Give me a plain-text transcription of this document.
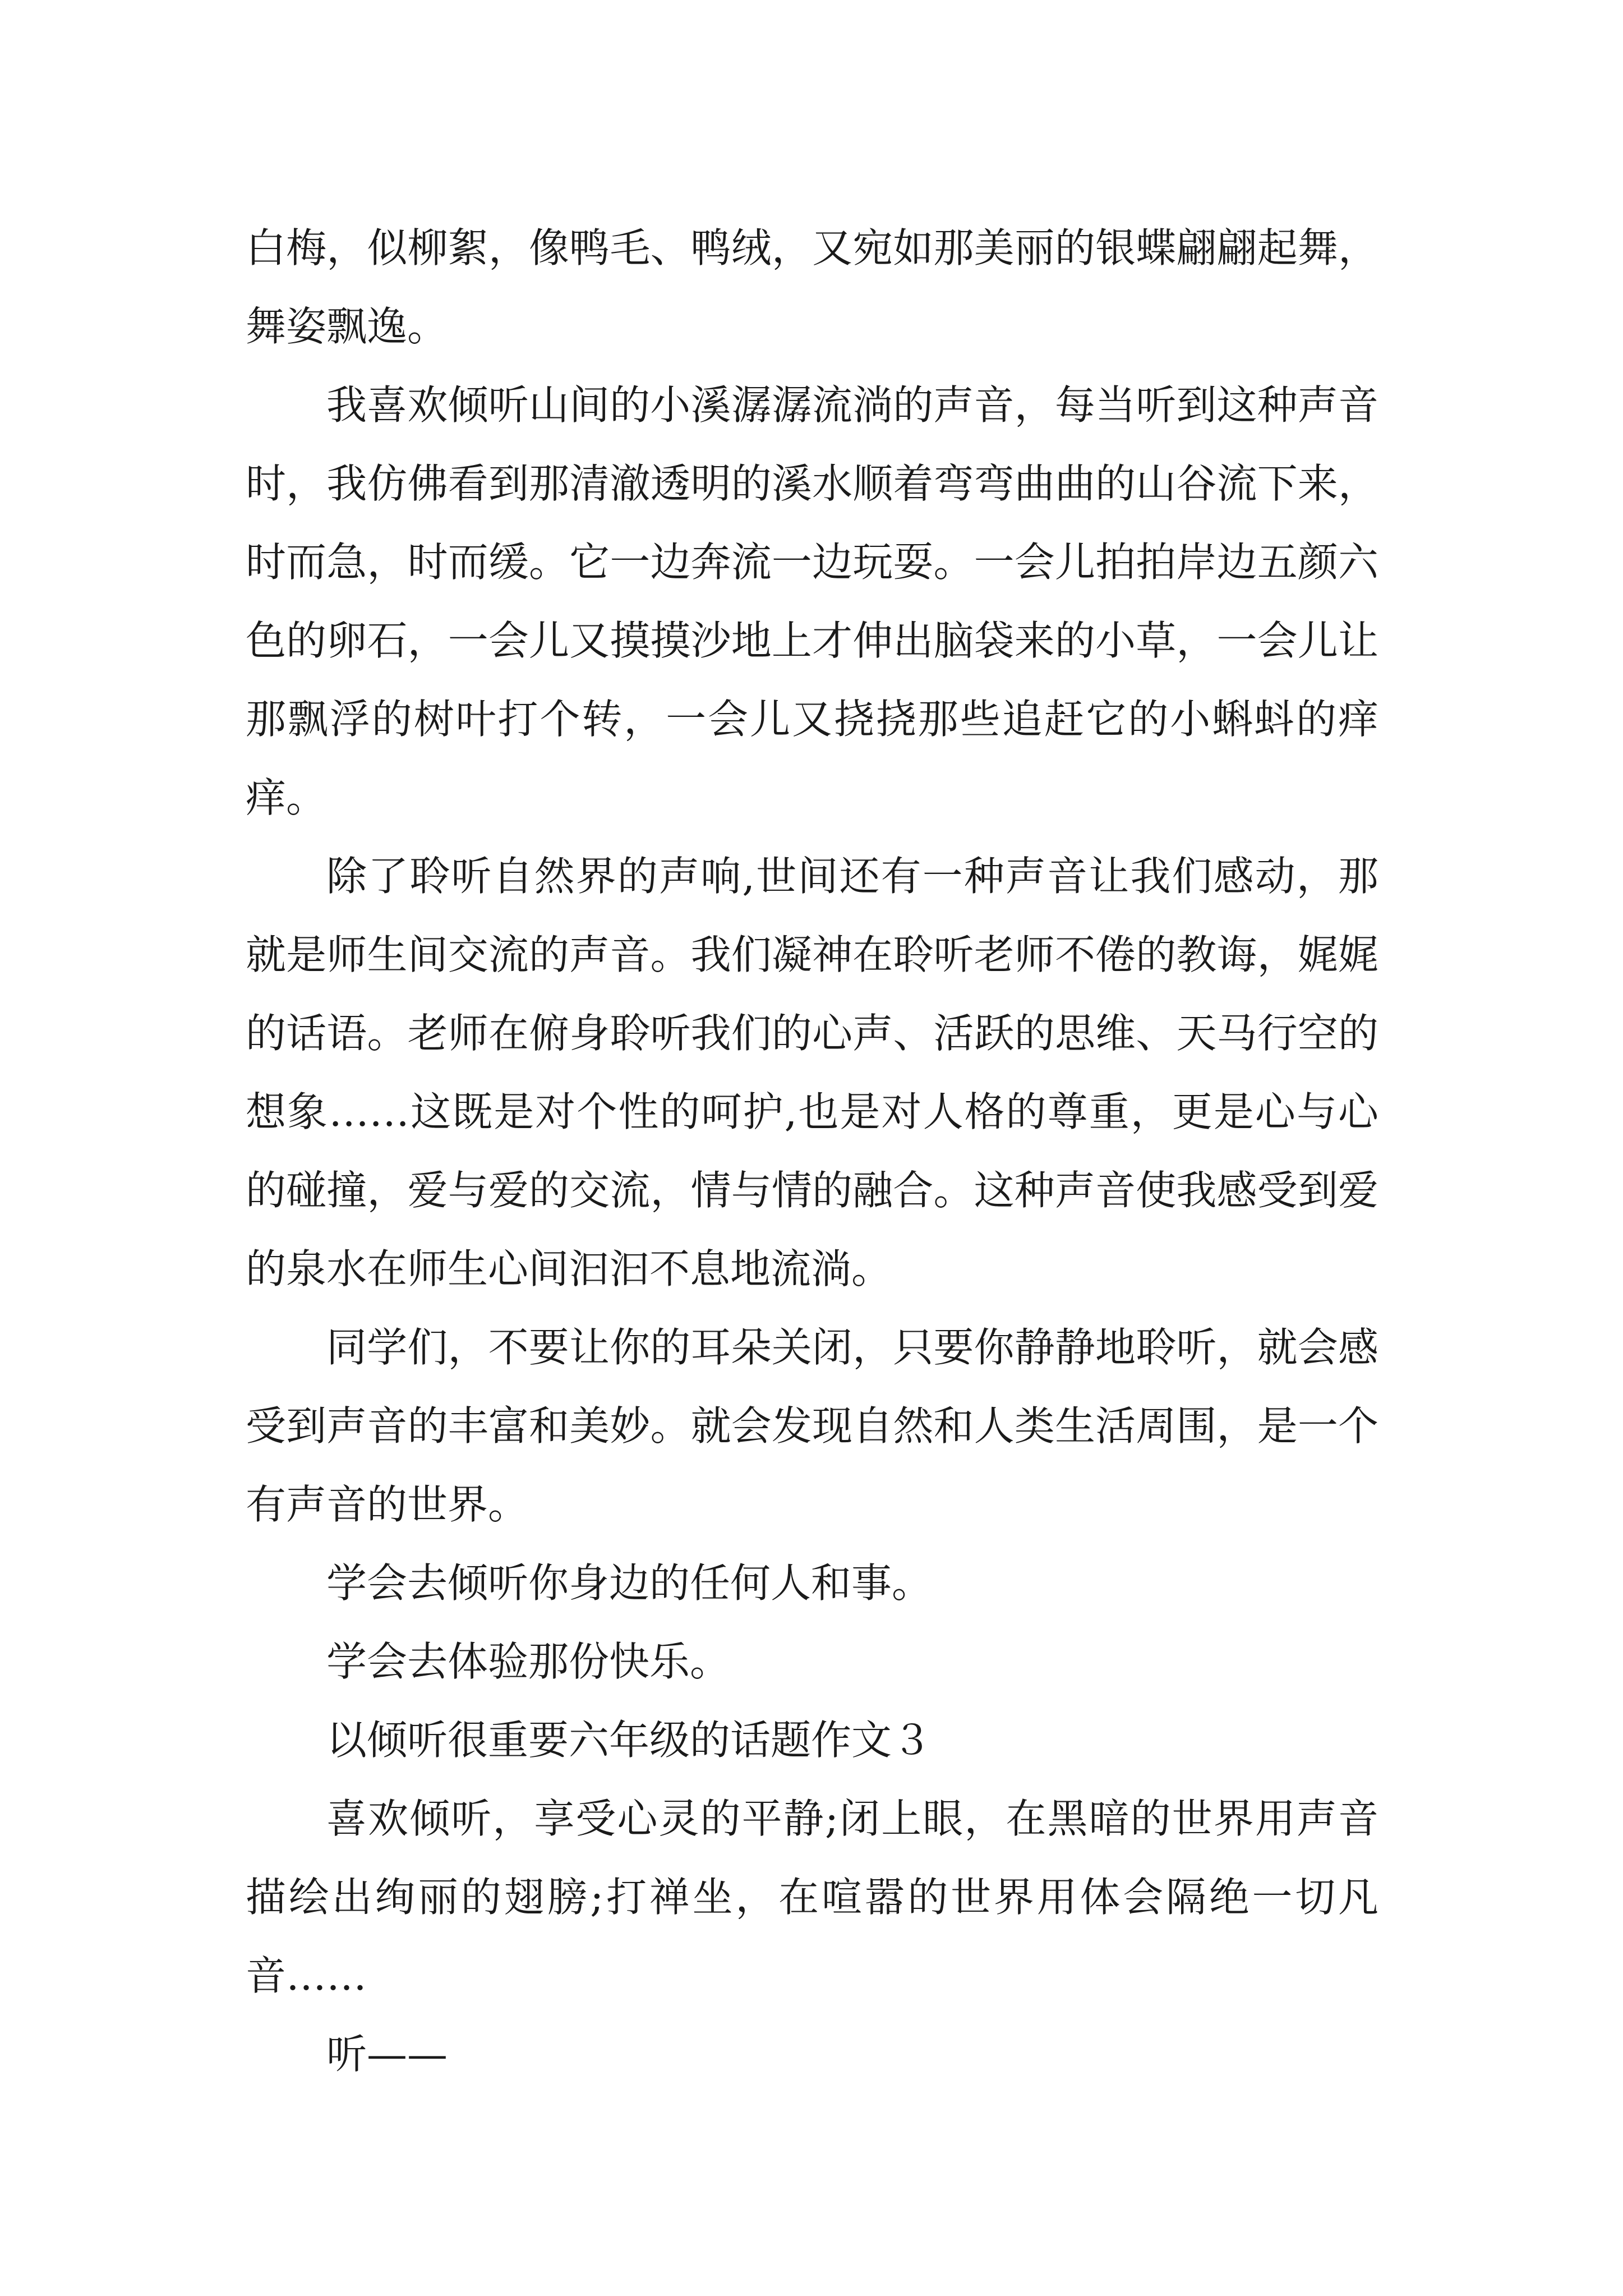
白梅，似柳絮，像鸭毛、鸭绒，又宛如那美丽的银蝶翩翩起舞，舞姿飘逸。

我喜欢倾听山间的小溪潺潺流淌的声音，每当听到这种声音时，我仿佛看到那清澈透明的溪水顺着弯弯曲曲的山谷流下来，时而急，时而缓。它一边奔流一边玩耍。一会儿拍拍岸边五颜六色的卵石，一会儿又摸摸沙地上才伸出脑袋来的小草，一会儿让那飘浮的树叶打个转，一会儿又挠挠那些追赶它的小蝌蚪的痒痒。

除了聆听自然界的声响,世间还有一种声音让我们感动，那就是师生间交流的声音。我们凝神在聆听老师不倦的教诲，娓娓的话语。老师在俯身聆听我们的心声、活跃的思维、天马行空的想象……这既是对个性的呵护,也是对人格的尊重，更是心与心的碰撞，爱与爱的交流，情与情的融合。这种声音使我感受到爱的泉水在师生心间汩汩不息地流淌。

同学们，不要让你的耳朵关闭，只要你静静地聆听，就会感受到声音的丰富和美妙。就会发现自然和人类生活周围，是一个有声音的世界。

学会去倾听你身边的任何人和事。

学会去体验那份快乐。

以倾听很重要六年级的话题作文３

喜欢倾听，享受心灵的平静;闭上眼，在黑暗的世界用声音描绘出绚丽的翅膀;打禅坐，在喧嚣的世界用体会隔绝一切凡音……

听——
